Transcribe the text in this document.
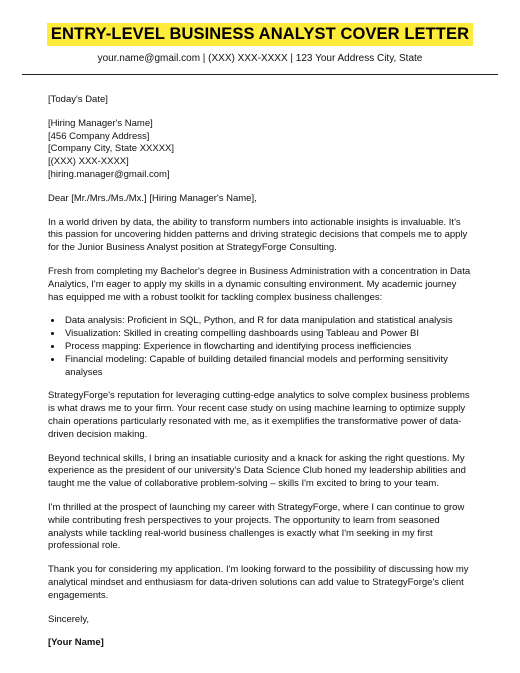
ENTRY-LEVEL BUSINESS ANALYST COVER LETTER
your.name@gmail.com | (XXX) XXX-XXXX | 123 Your Address City, State

[Today's Date]

[Hiring Manager's Name]
[456 Company Address]
[Company City, State XXXXX]
[(XXX) XXX-XXXX]
[hiring.manager@gmail.com]

Dear [Mr./Mrs./Ms./Mx.] [Hiring Manager's Name],

In a world driven by data, the ability to transform numbers into actionable insights is invaluable. It's this passion for uncovering hidden patterns and driving strategic decisions that compels me to apply for the Junior Business Analyst position at StrategyForge Consulting.

Fresh from completing my Bachelor's degree in Business Administration with a concentration in Data Analytics, I'm eager to apply my skills in a dynamic consulting environment. My academic journey has equipped me with a robust toolkit for tackling complex business challenges:

• Data analysis: Proficient in SQL, Python, and R for data manipulation and statistical analysis
• Visualization: Skilled in creating compelling dashboards using Tableau and Power BI
• Process mapping: Experience in flowcharting and identifying process inefficiencies
• Financial modeling: Capable of building detailed financial models and performing sensitivity analyses

StrategyForge's reputation for leveraging cutting-edge analytics to solve complex business problems is what draws me to your firm. Your recent case study on using machine learning to optimize supply chain operations particularly resonated with me, as it exemplifies the transformative power of data-driven decision making.

Beyond technical skills, I bring an insatiable curiosity and a knack for asking the right questions. My experience as the president of our university's Data Science Club honed my leadership abilities and taught me the value of collaborative problem-solving – skills I'm excited to bring to your team.

I'm thrilled at the prospect of launching my career with StrategyForge, where I can continue to grow while contributing fresh perspectives to your projects. The opportunity to learn from seasoned analysts while tackling real-world business challenges is exactly what I'm seeking in my first professional role.

Thank you for considering my application. I'm looking forward to the possibility of discussing how my analytical mindset and enthusiasm for data-driven solutions can add value to StrategyForge's client engagements.

Sincerely,

[Your Name]
